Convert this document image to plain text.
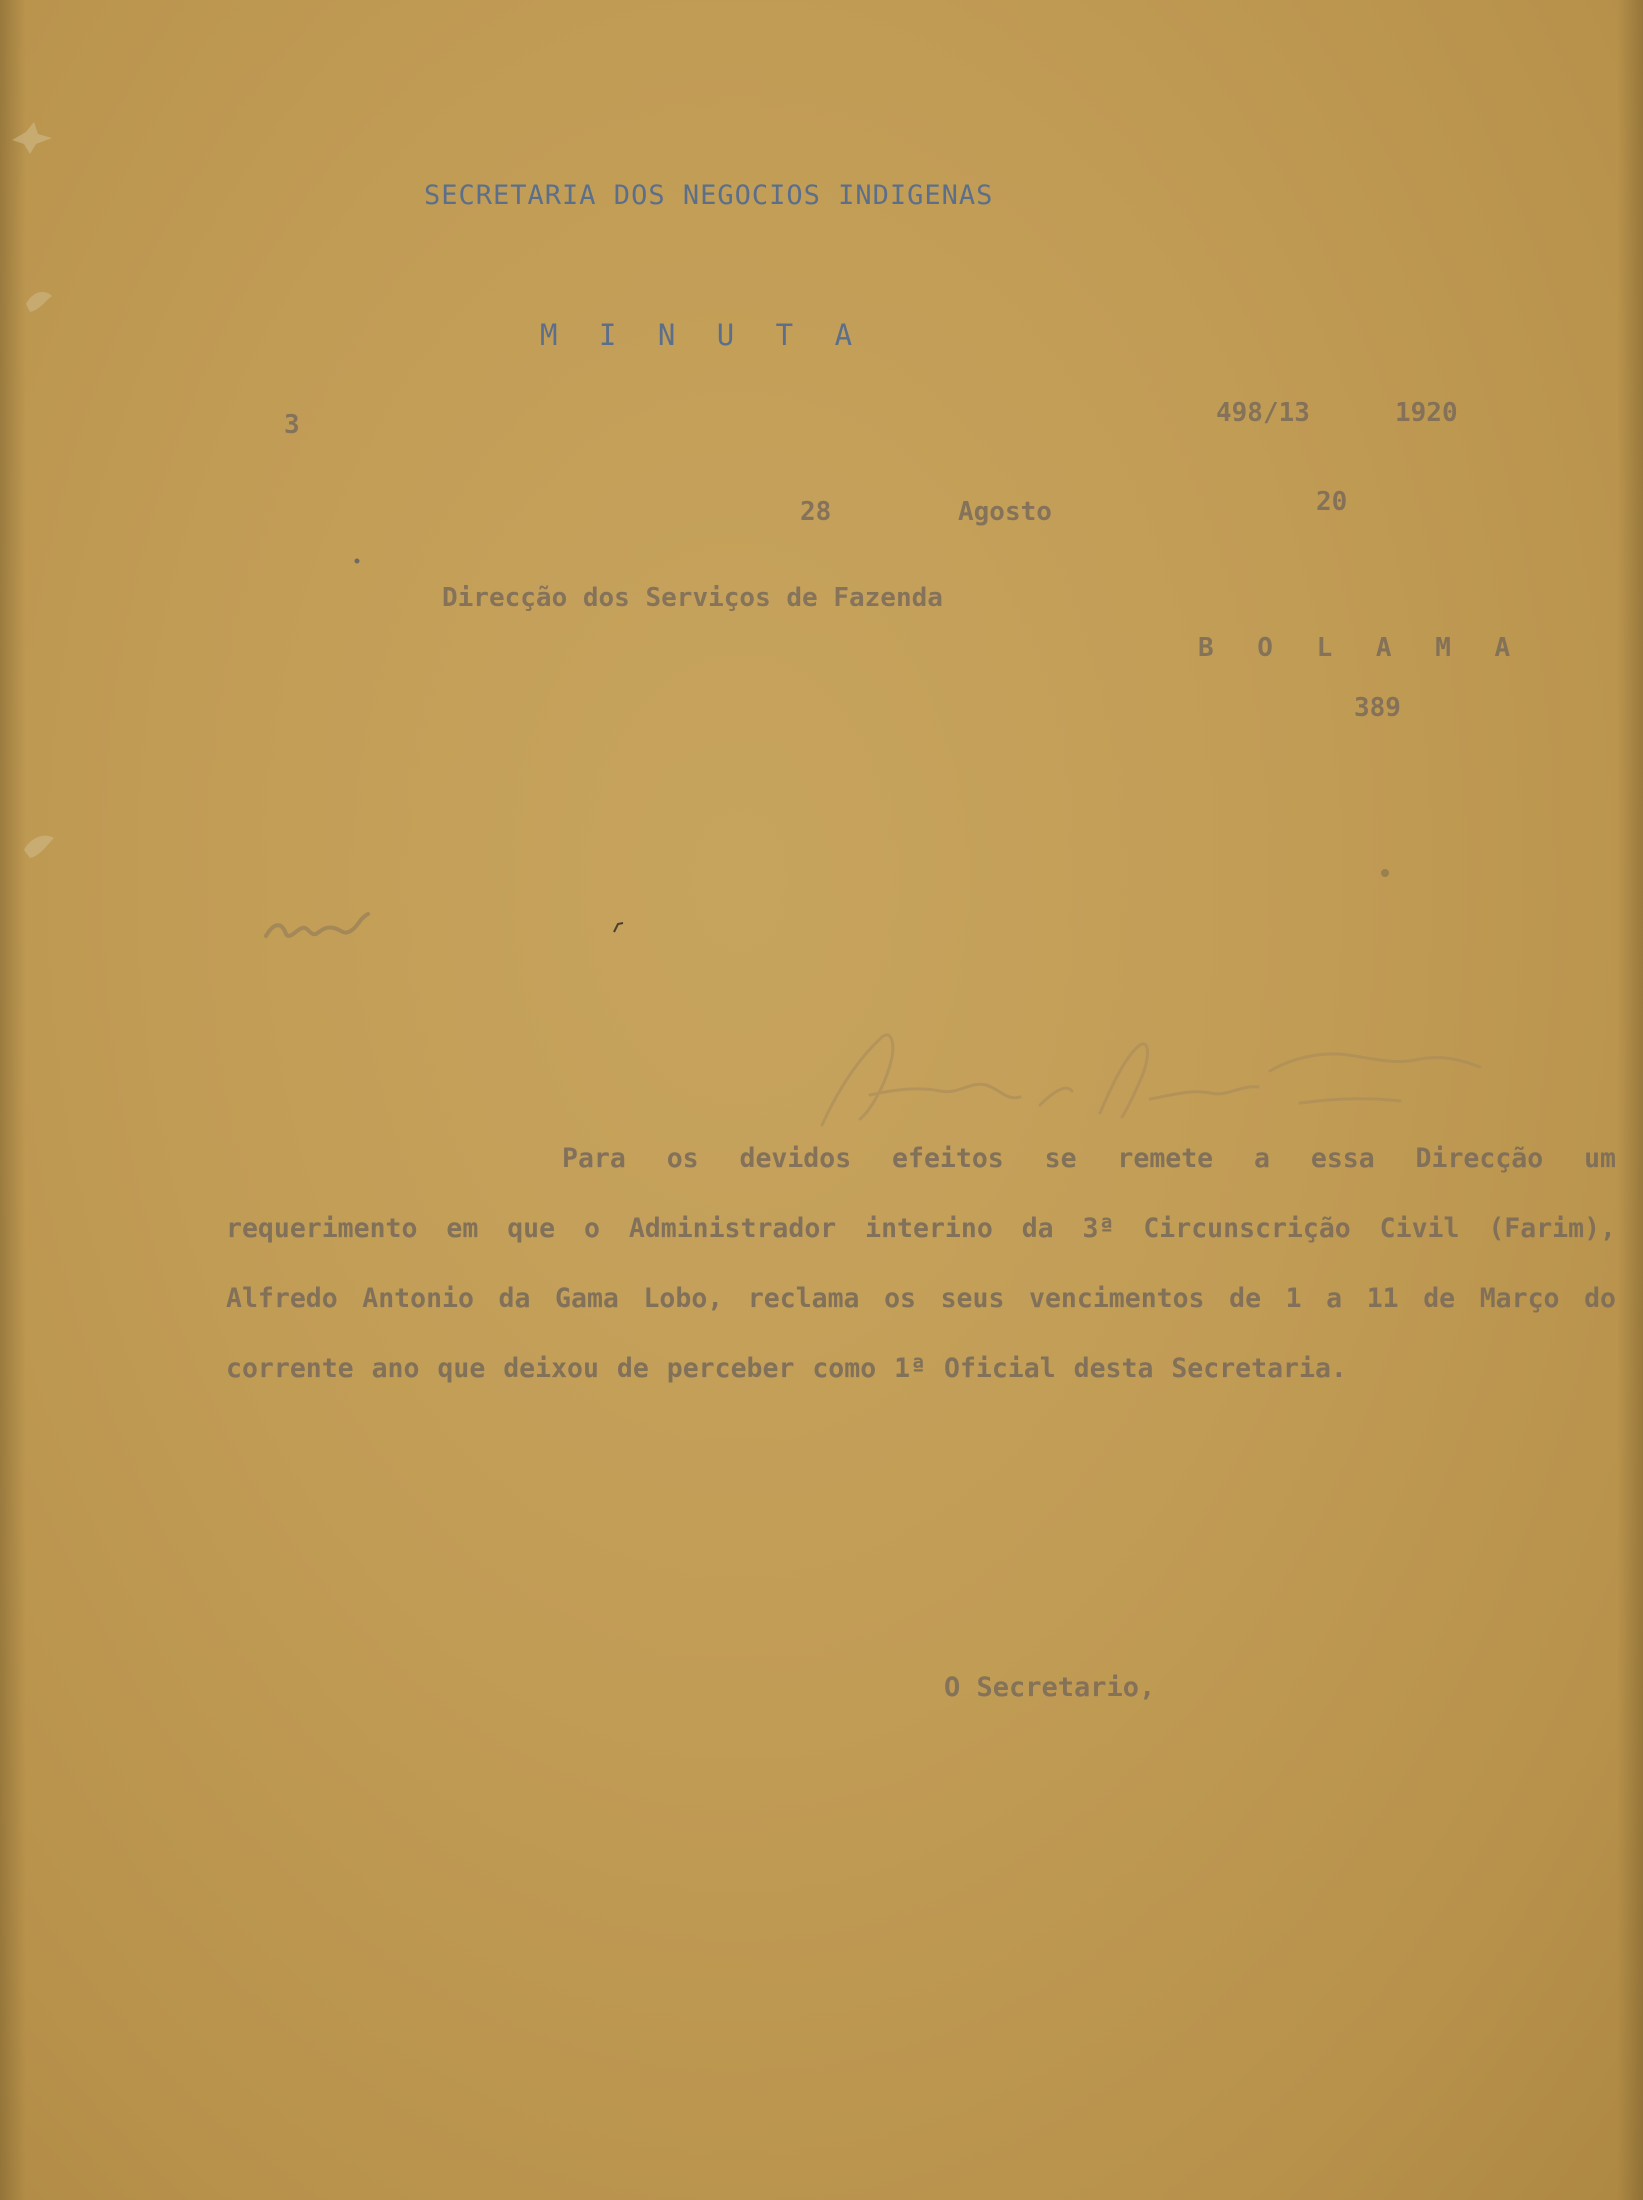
SECRETARIA DOS NEGOCIOS INDIGENAS
M I N U T A
3	498/13	1920
28	Agosto	20
Direcção dos Serviços de Fazenda
B O L A M A
389

Para os devidos efeitos se remete a essa Direcção um requerimento em que o Administrador interino da 3ª Circunscrição Civil (Farim), Alfredo Antonio da Gama Lobo, reclama os seus vencimentos de 1 a 11 de Março do corrente ano que deixou de perceber como 1ª Oficial desta Secretaria.

O Secretario,
